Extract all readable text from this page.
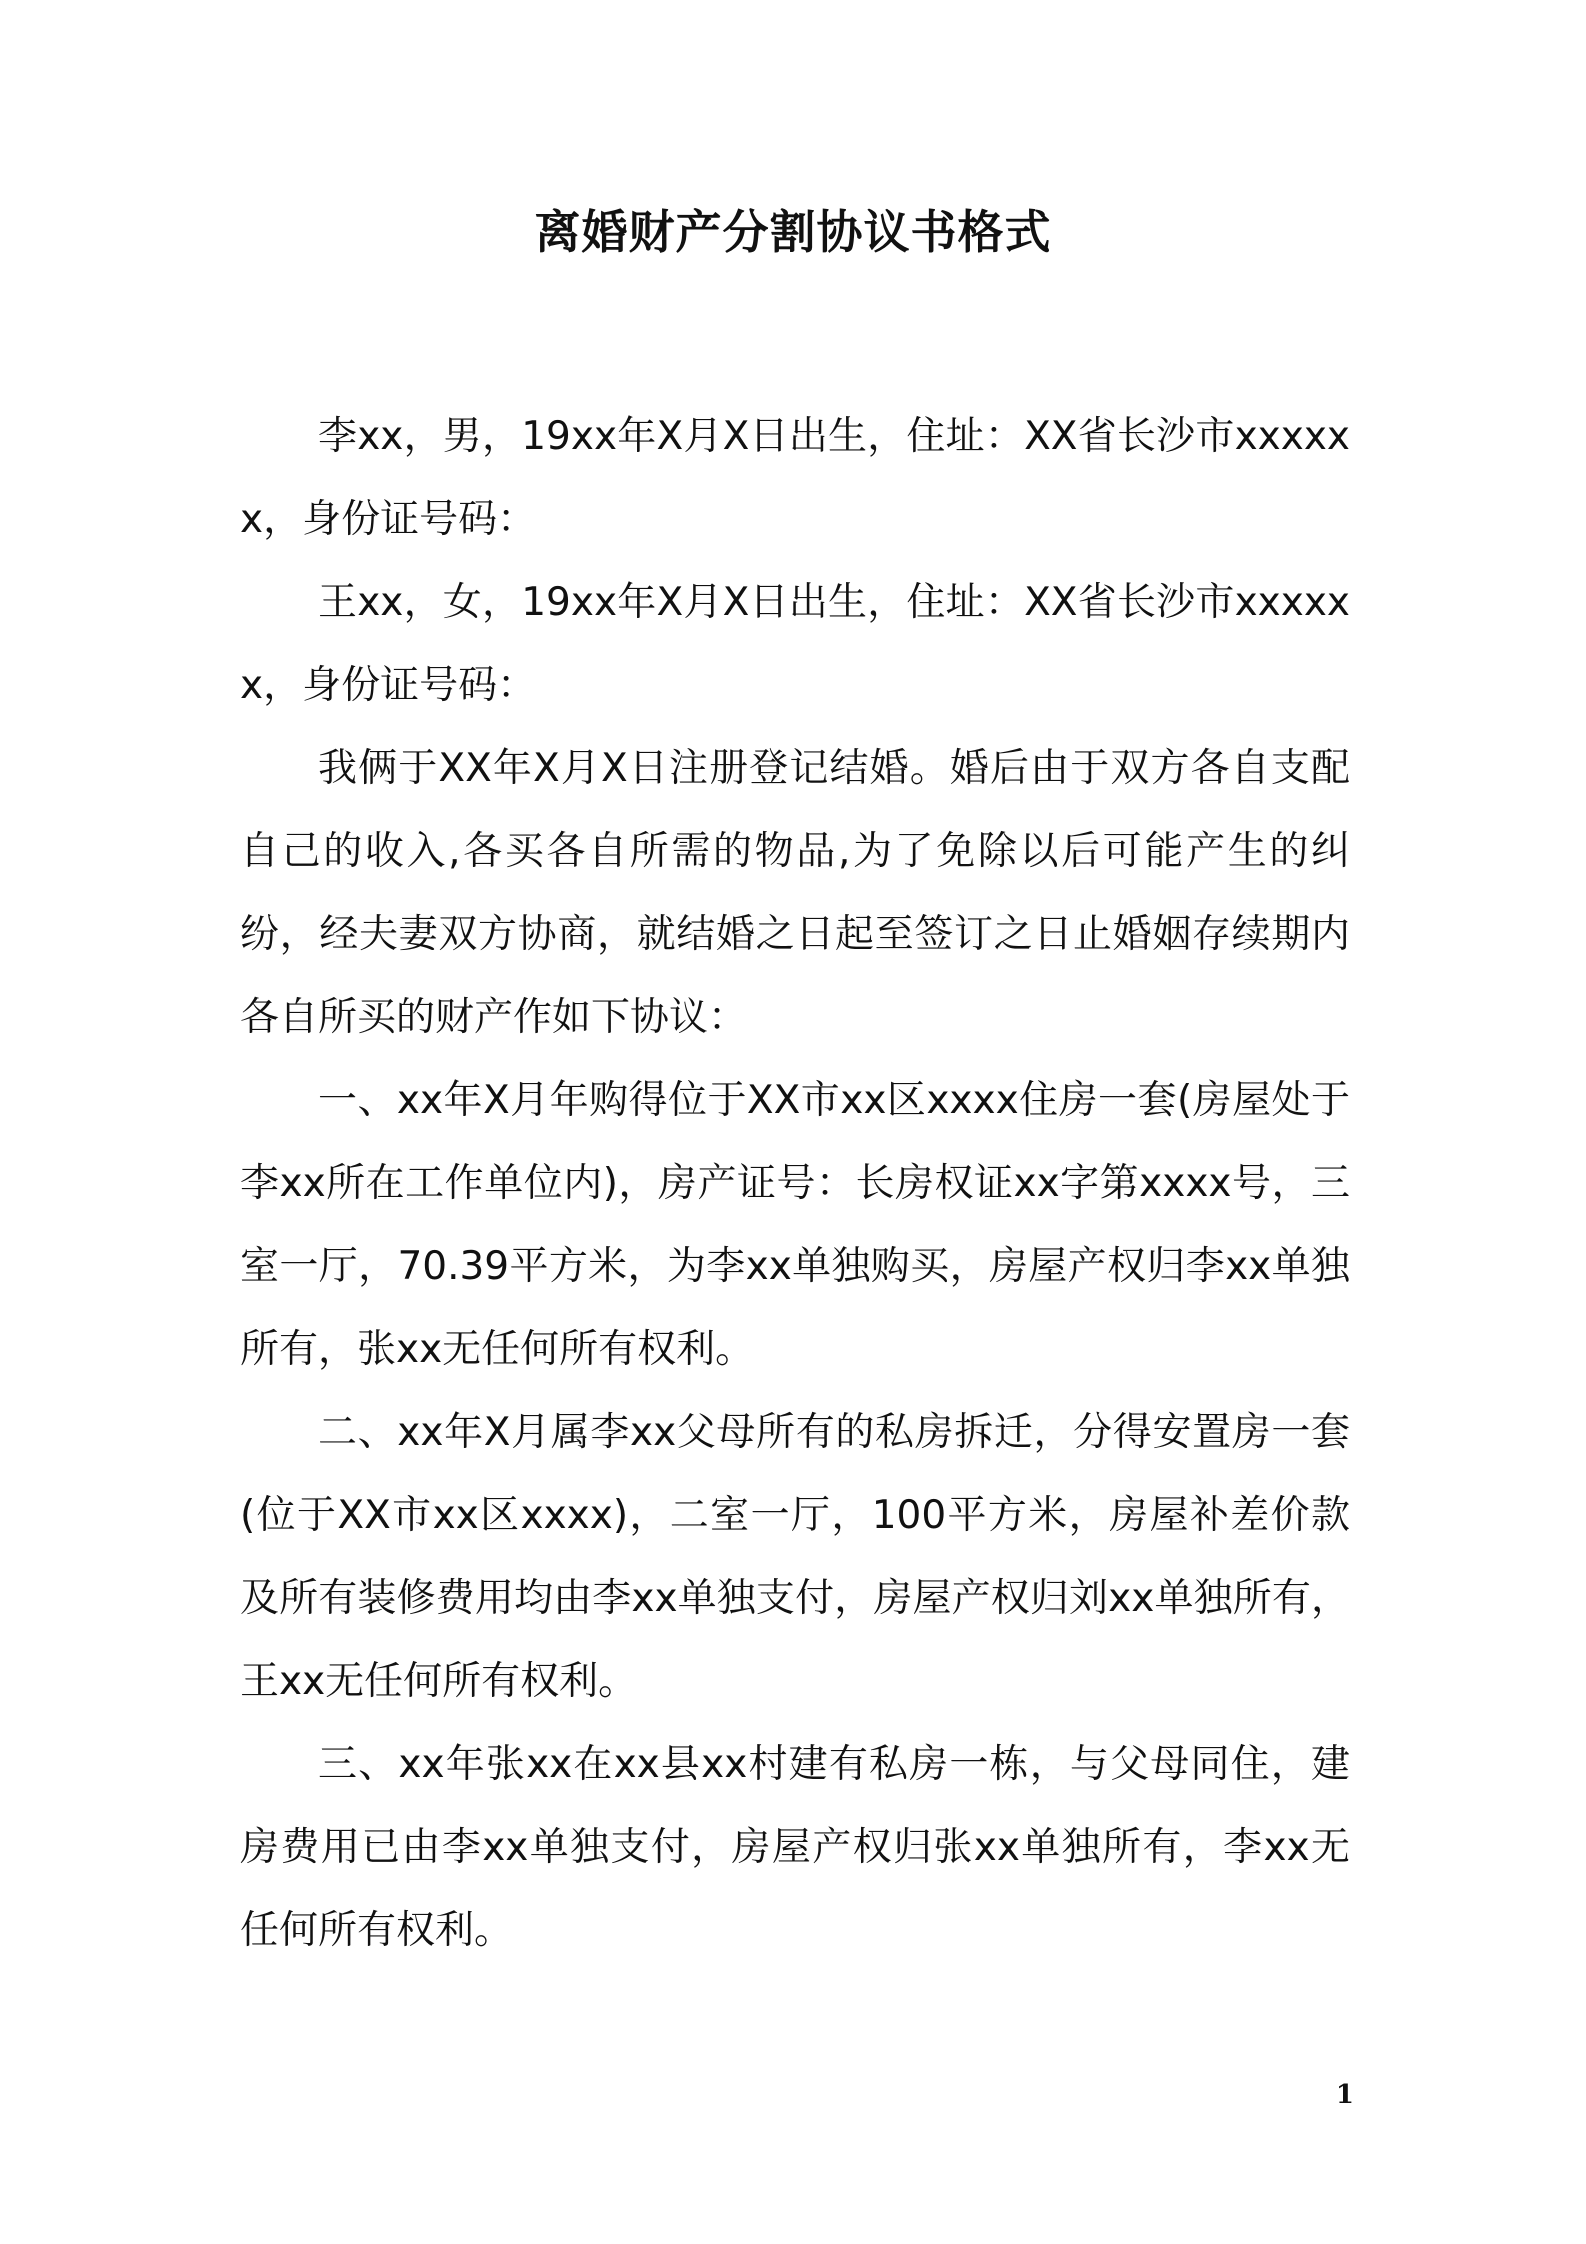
离婚财产分割协议书格式

李xx，男，19xx年X月X日出生，住址：XX省长沙市xxxxxx，身份证号码：

王xx，女，19xx年X月X日出生，住址：XX省长沙市xxxxxx，身份证号码：

我俩于XX年X月X日注册登记结婚。婚后由于双方各自支配自己的收入,各买各自所需的物品,为了免除以后可能产生的纠纷，经夫妻双方协商，就结婚之日起至签订之日止婚姻存续期内各自所买的财产作如下协议：

一、xx年X月年购得位于XX市xx区xxxx住房一套(房屋处于李xx所在工作单位内)，房产证号：长房权证xx字第xxxx号，三室一厅，70.39平方米，为李xx单独购买，房屋产权归李xx单独所有，张xx无任何所有权利。

二、xx年X月属李xx父母所有的私房拆迁，分得安置房一套(位于XX市xx区xxxx)，二室一厅，100平方米，房屋补差价款及所有装修费用均由李xx单独支付，房屋产权归刘xx单独所有，王xx无任何所有权利。

三、xx年张xx在xx县xx村建有私房一栋，与父母同住，建房费用已由李xx单独支付，房屋产权归张xx单独所有，李xx无任何所有权利。

1
